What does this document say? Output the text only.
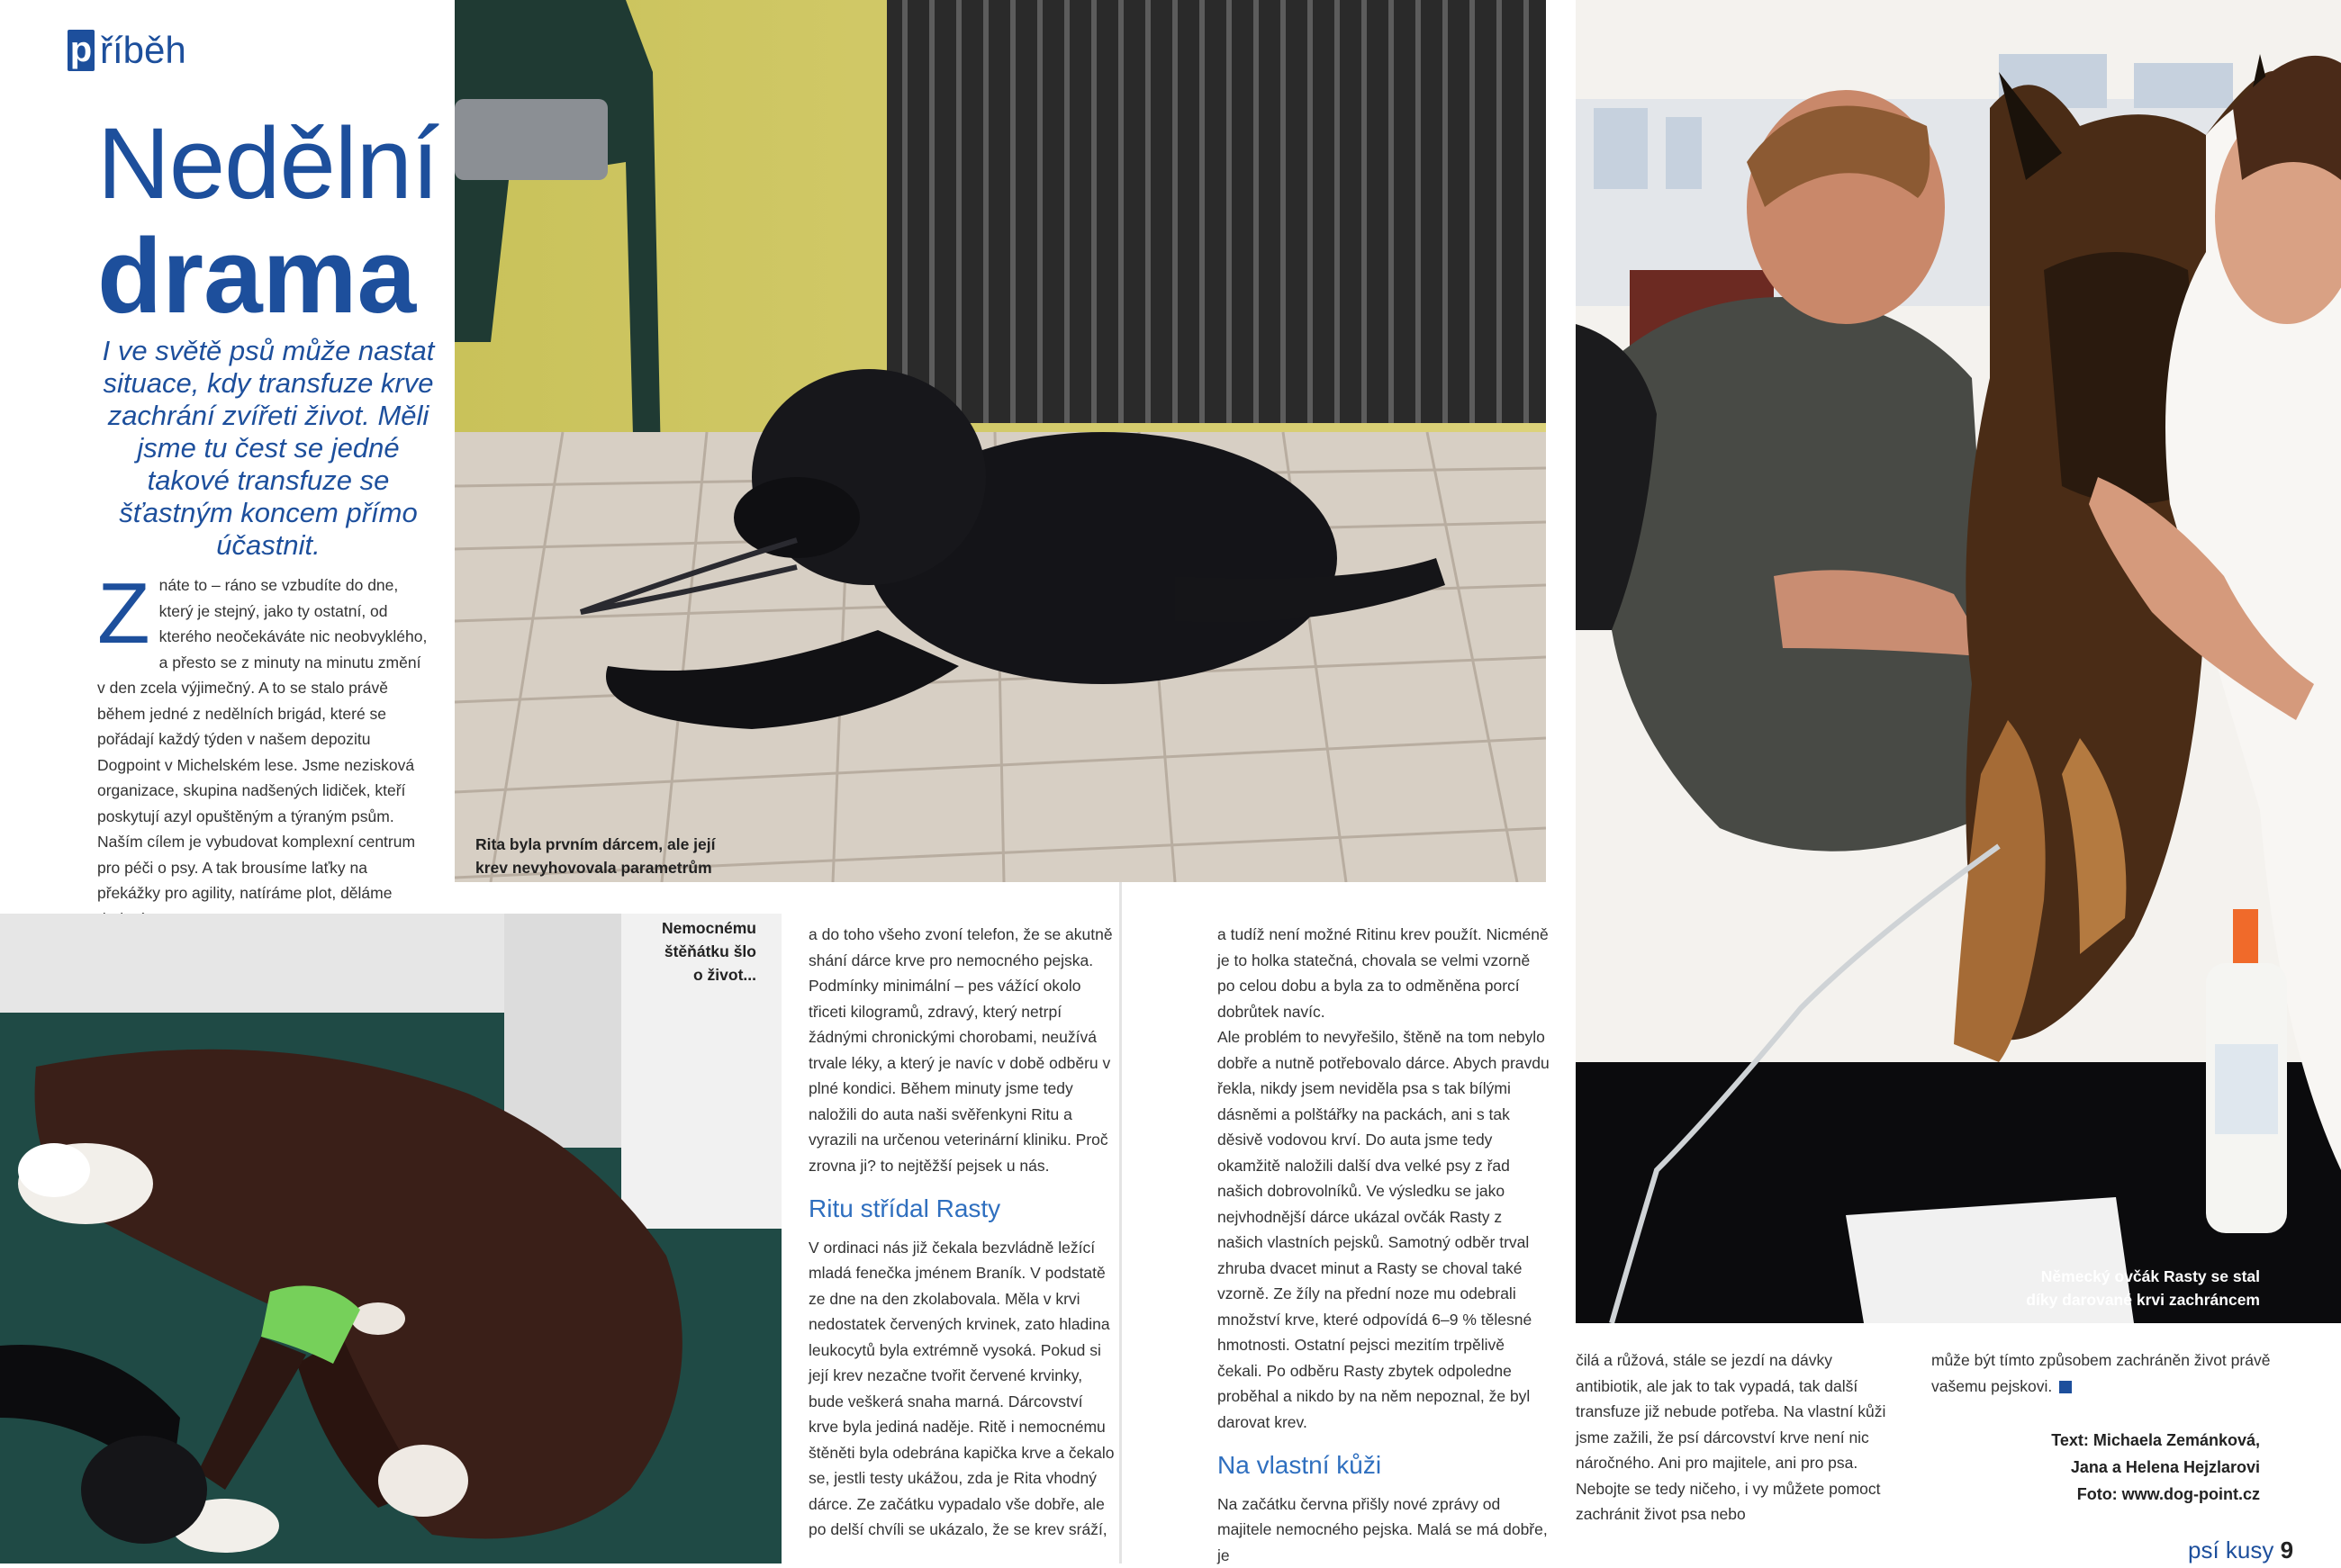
p říběh
Nedělní
drama
I ve světě psů může nastat situace, kdy transfuze krve zachrání zvířeti život. Měli jsme tu čest se jedné takové transfuze se šťastným koncem přímo účastnit.
Z náte to – ráno se vzbudíte do dne, který je stejný, jako ty ostatní, od kterého neočekáváte nic neobvyklého, a přesto se z minuty na minutu změní v den zcela výjimečný. A to se stalo právě během jedné z nedělních brigád, které se pořádají každý týden v našem depozitu Dogpoint v Michelském lese. Jsme nezisková organizace, skupina nadšených lidiček, kteří poskytují azyl opuštěným a týraným psům. Naším cílem je vybudovat komplexní centrum pro péči o psy. A tak brousíme laťky na překážky pro agility, natíráme plot, děláme
Rita byla prvním dárcem, ale její krev nevyhovovala parametrům
Nemocnému štěňátku šlo o život...
Německý ovčák Rasty se stal díky darované krvi zachráncem
a do toho všeho zvoní telefon, že se akutně shání dárce krve pro nemocného pejska. Podmínky minimální – pes vážící okolo třiceti kilogramů, zdravý, který netrpí žádnými chronickými chorobami, neužívá trvale léky, a který je navíc v době odběru v plné kondici. Během minuty jsme tedy naložili do auta naši svěřenkyni Ritu a vyrazili na určenou veterinární kliniku. Proč zrovna ji? to nejtěžší pejsek u nás.
Ritu střídal Rasty
V ordinaci nás již čekala bezvládně ležící mladá fenečka jménem Braník. V podstatě ze dne na den zkolabovala. Měla v krvi nedostatek červených krvinek, zato hladina leukocytů byla extrémně vysoká. Pokud si její krev nezačne tvořit červené krvinky, bude veškerá snaha marná. Dárcovství krve byla jediná naděje. Ritě i nemocnému štěněti byla odebrána kapička krve a čekalo se, jestli testy ukážou, zda je Rita vhodný dárce. Ze začátku vypadalo vše dobře, ale po delší chvíli se ukázalo, že se krev sráží,
a tudíž není možné Ritinu krev použít. Nicméně je to holka statečná, chovala se velmi vzorně po celou dobu a byla za to odměněna porcí dobrůtek navíc.
Ale problém to nevyřešilo, štěně na tom nebylo dobře a nutně potřebovalo dárce. Abych pravdu řekla, nikdy jsem neviděla psa s tak bílými dásněmi a polštářky na packách, ani s tak děsivě vodovou krví. Do auta jsme tedy okamžitě naložili další dva velké psy z řad našich dobrovolníků. Ve výsledku se jako nejvhodnější dárce ukázal ovčák Rasty z našich vlastních pejsků. Samotný odběr trval zhruba dvacet minut a Rasty se choval také vzorně. Ze žíly na přední noze mu odebrali množství krve, které odpovídá 6–9 % tělesné hmotnosti. Ostatní pejsci mezitím trpělivě čekali. Po odběru Rasty zbytek odpoledne proběhal a nikdo by na něm nepoznal, že byl darovat krev.
Na vlastní kůži
Na začátku června přišly nové zprávy od majitele nemocného pejska. Malá se má dobře, je
čilá a růžová, stále se jezdí na dávky antibiotik, ale jak to tak vypadá, tak další transfuze již nebude potřeba. Na vlastní kůži jsme zažili, že psí dárcovství krve není nic náročného. Ani pro majitele, ani pro psa. Nebojte se tedy ničeho, i vy můžete pomoct zachránit život psa nebo
může být tímto způsobem zachráněn život právě vašemu pejskovi.
Text: Michaela Zemánková,
Jana a Helena Hejzlarovi
Foto: www.dog-point.cz
psí kusy 9
